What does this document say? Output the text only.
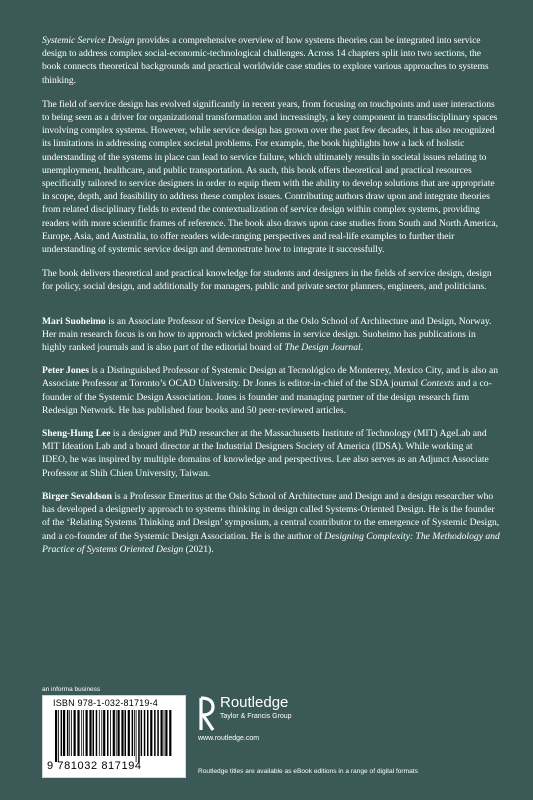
Systemic Service Design provides a comprehensive overview of how systems theories can be integrated into service design to address complex social-economic-technological challenges. Across 14 chapters split into two sections, the book connects theoretical backgrounds and practical worldwide case studies to explore various approaches to systems thinking.

The field of service design has evolved significantly in recent years, from focusing on touchpoints and user interactions to being seen as a driver for organizational transformation and increasingly, a key component in transdisciplinary spaces involving complex systems. However, while service design has grown over the past few decades, it has also recognized its limitations in addressing complex societal problems. For example, the book highlights how a lack of holistic understanding of the systems in place can lead to service failure, which ultimately results in societal issues relating to unemployment, healthcare, and public transportation. As such, this book offers theoretical and practical resources specifically tailored to service designers in order to equip them with the ability to develop solutions that are appropriate in scope, depth, and feasibility to address these complex issues. Contributing authors draw upon and integrate theories from related disciplinary fields to extend the contextualization of service design within complex systems, providing readers with more scientific frames of reference. The book also draws upon case studies from South and North America, Europe, Asia, and Australia, to offer readers wide-ranging perspectives and real-life examples to further their understanding of systemic service design and demonstrate how to integrate it successfully.

The book delivers theoretical and practical knowledge for students and designers in the fields of service design, design for policy, social design, and additionally for managers, public and private sector planners, engineers, and politicians.

Mari Suoheimo is an Associate Professor of Service Design at the Oslo School of Architecture and Design, Norway. Her main research focus is on how to approach wicked problems in service design. Suoheimo has publications in highly ranked journals and is also part of the editorial board of The Design Journal.

Peter Jones is a Distinguished Professor of Systemic Design at Tecnológico de Monterrey, Mexico City, and is also an Associate Professor at Toronto’s OCAD University. Dr Jones is editor-in-chief of the SDA journal Contexts and a co-founder of the Systemic Design Association. Jones is founder and managing partner of the design research firm Redesign Network. He has published four books and 50 peer-reviewed articles.

Sheng-Hung Lee is a designer and PhD researcher at the Massachusetts Institute of Technology (MIT) AgeLab and MIT Ideation Lab and a board director at the Industrial Designers Society of America (IDSA). While working at IDEO, he was inspired by multiple domains of knowledge and perspectives. Lee also serves as an Adjunct Associate Professor at Shih Chien University, Taiwan.

Birger Sevaldson is a Professor Emeritus at the Oslo School of Architecture and Design and a design researcher who has developed a designerly approach to systems thinking in design called Systems-Oriented Design. He is the founder of the ‘Relating Systems Thinking and Design’ symposium, a central contributor to the emergence of Systemic Design, and a co-founder of the Systemic Design Association. He is the author of Designing Complexity: The Methodology and Practice of Systems Oriented Design (2021).

an informa business
ISBN 978-1-032-81719-4
9 781032 817194
Routledge
Taylor & Francis Group
www.routledge.com
Routledge titles are available as eBook editions in a range of digital formats
